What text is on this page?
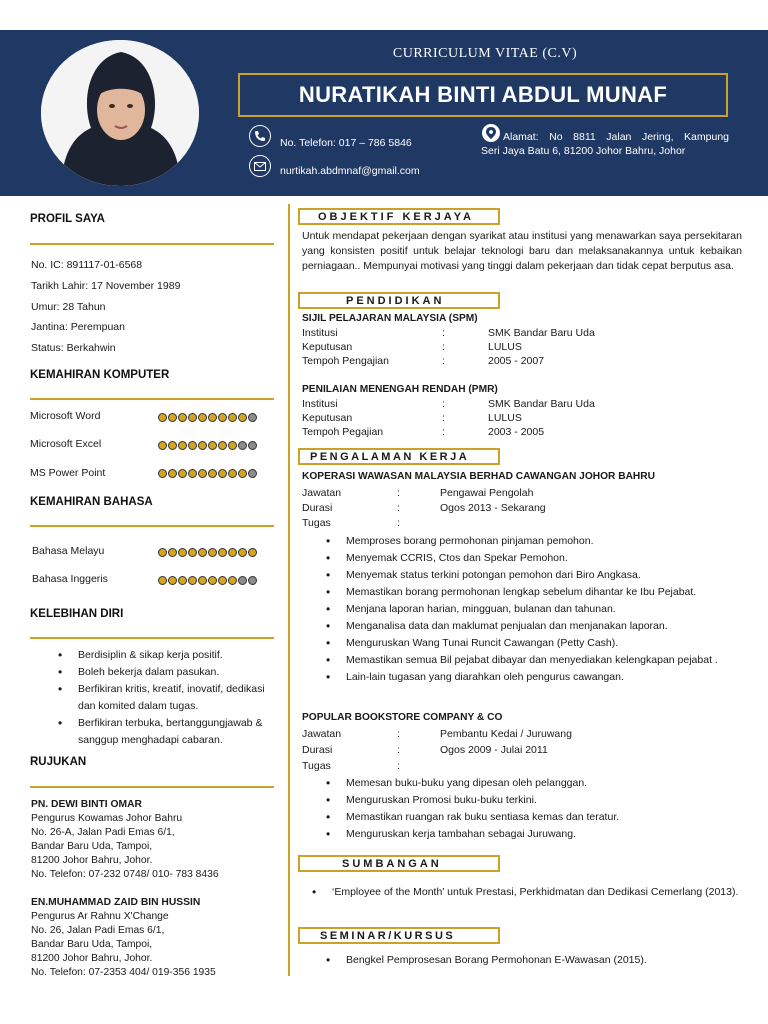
CURRICULUM VITAE (C.V)
NURATIKAH BINTI ABDUL MUNAF
No. Telefon: 017 – 786 5846	Alamat: No 8811 Jalan Jering, Kampung
Seri Jaya Batu 6, 81200 Johor Bahru, Johor
nurtikah.abdmnaf@gmail.com
PROFIL SAYA
No. IC: 891117-01-6568
Tarikh Lahir: 17 November 1989
Umur: 28 Tahun
Jantina: Perempuan
Status: Berkahwin
KEMAHIRAN KOMPUTER
Microsoft Word
Microsoft Excel
MS Power Point
KEMAHIRAN BAHASA
Bahasa Melayu
Bahasa Inggeris
KELEBIHAN DIRI
• Berdisiplin & sikap kerja positif.
• Boleh bekerja dalam pasukan.
• Berfikiran kritis, kreatif, inovatif, dedikasi dan komited dalam tugas.
• Berfikiran terbuka, bertanggungjawab & sanggup menghadapi cabaran.
RUJUKAN
PN. DEWI BINTI OMAR
Pengurus Kowamas Johor Bahru
No. 26-A, Jalan Padi Emas 6/1,
Bandar Baru Uda, Tampoi,
81200 Johor Bahru, Johor.
No. Telefon: 07-232 0748/ 010- 783 8436
EN.MUHAMMAD ZAID BIN HUSSIN
Pengurus Ar Rahnu X'Change
No. 26, Jalan Padi Emas 6/1,
Bandar Baru Uda, Tampoi,
81200 Johor Bahru, Johor.
No. Telefon: 07-2353 404/ 019-356 1935
OBJEKTIF KERJAYA
Untuk mendapat pekerjaan dengan syarikat atau institusi yang menawarkan saya persekitaran yang konsisten positif untuk belajar teknologi baru dan melaksanakannya untuk kebaikan perniagaan.. Mempunyai motivasi yang tinggi dalam pekerjaan dan tidak cepat berputus asa.
PENDIDIKAN
SIJIL PELAJARAN MALAYSIA (SPM)
Institusi	:	SMK Bandar Baru Uda
Keputusan	:	LULUS
Tempoh Pengajian	:	2005 - 2007
PENILAIAN MENENGAH RENDAH (PMR)
Institusi	:	SMK Bandar Baru Uda
Keputusan	:	LULUS
Tempoh Pegajian	:	2003 - 2005
PENGALAMAN KERJA
KOPERASI WAWASAN MALAYSIA BERHAD CAWANGAN JOHOR BAHRU
Jawatan	:	Pengawai Pengolah
Durasi	:	Ogos 2013 - Sekarang
Tugas	:
• Memproses borang permohonan pinjaman pemohon.
• Menyemak CCRIS, Ctos dan Spekar Pemohon.
• Menyemak status terkini potongan pemohon dari Biro Angkasa.
• Memastikan borang permohonan lengkap sebelum dihantar ke Ibu Pejabat.
• Menjana laporan harian, mingguan, bulanan dan tahunan.
• Menganalisa data dan maklumat penjualan dan menjanakan laporan.
• Menguruskan Wang Tunai Runcit Cawangan (Petty Cash).
• Memastikan semua Bil pejabat dibayar dan menyediakan kelengkapan pejabat .
• Lain-lain tugasan yang diarahkan oleh pengurus cawangan.
POPULAR BOOKSTORE COMPANY & CO
Jawatan	:	Pembantu Kedai / Juruwang
Durasi	:	Ogos 2009 - Julai 2011
Tugas	:
• Memesan buku-buku yang dipesan oleh pelanggan.
• Menguruskan Promosi buku-buku terkini.
• Memastikan ruangan rak buku sentiasa kemas dan teratur.
• Menguruskan kerja tambahan sebagai Juruwang.
SUMBANGAN
• ‘Employee of the Month’ untuk Prestasi, Perkhidmatan dan Dedikasi Cemerlang (2013).
SEMINAR/KURSUS
• Bengkel Pemprosesan Borang Permohonan E-Wawasan (2015).
